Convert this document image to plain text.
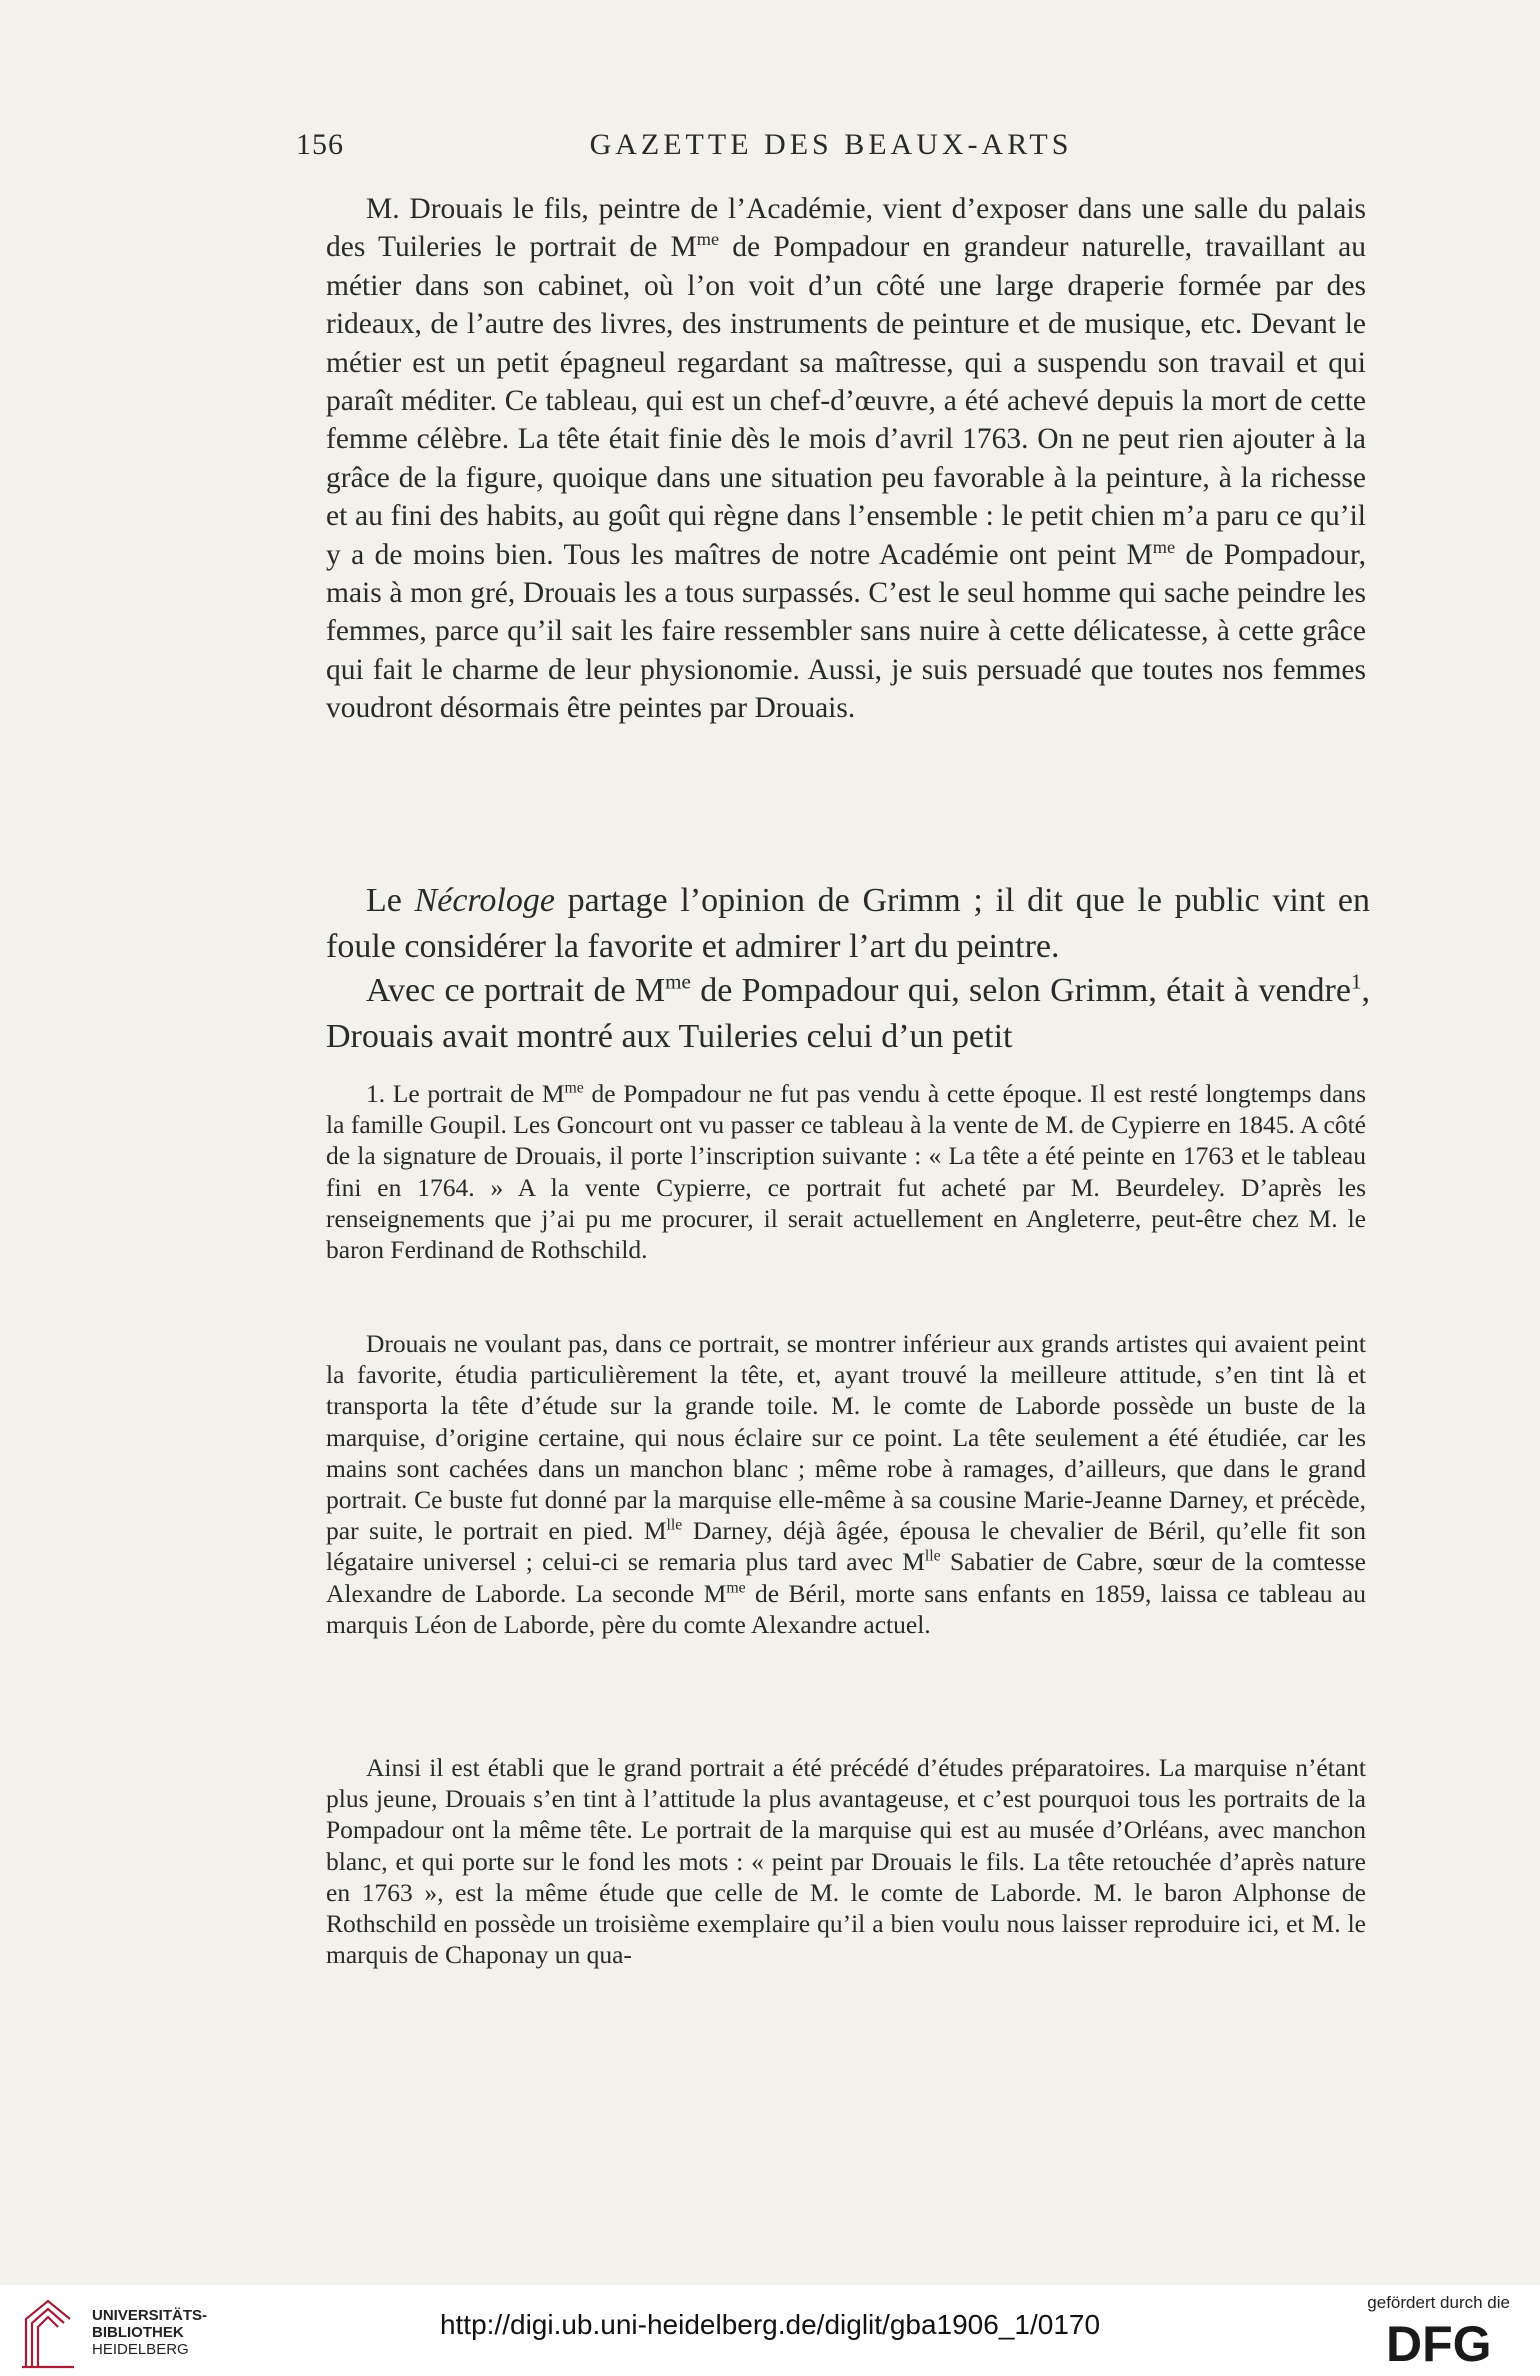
156	GAZETTE DES BEAUX-ARTS

M. Drouais le fils, peintre de l’Académie, vient d’exposer dans une salle du palais des Tuileries le portrait de $M^{me}$ de Pompadour en grandeur naturelle, travaillant au métier dans son cabinet, où l’on voit d’un côté une large draperie formée par des rideaux, de l’autre des livres, des instruments de peinture et de musique, etc. Devant le métier est un petit épagneul regardant sa maîtresse, qui a suspendu son travail et qui paraît méditer. Ce tableau, qui est un chef-d’œuvre, a été achevé depuis la mort de cette femme célèbre. La tête était finie dès le mois d’avril 1763. On ne peut rien ajouter à la grâce de la figure, quoique dans une situation peu favorable à la peinture, à la richesse et au fini des habits, au goût qui règne dans l’ensemble : le petit chien m’a paru ce qu’il y a de moins bien. Tous les maîtres de notre Académie ont peint $M^{me}$ de Pompadour, mais à mon gré, Drouais les a tous surpassés. C’est le seul homme qui sache peindre les femmes, parce qu’il sait les faire ressembler sans nuire à cette délicatesse, à cette grâce qui fait le charme de leur physionomie. Aussi, je suis persuadé que toutes nos femmes voudront désormais être peintes par Drouais.

Le Nécrologe partage l’opinion de Grimm ; il dit que le public vint en foule considérer la favorite et admirer l’art du peintre.

Avec ce portrait de $M^{me}$ de Pompadour qui, selon Grimm, était à vendre$^1$, Drouais avait montré aux Tuileries celui d’un petit

1. Le portrait de $M^{me}$ de Pompadour ne fut pas vendu à cette époque. Il est resté longtemps dans la famille Goupil. Les Goncourt ont vu passer ce tableau à la vente de M. de Cypierre en 1845. A côté de la signature de Drouais, il porte l’inscription suivante : « La tête a été peinte en 1763 et le tableau fini en 1764. » A la vente Cypierre, ce portrait fut acheté par M. Beurdeley. D’après les renseignements que j’ai pu me procurer, il serait actuellement en Angleterre, peut-être chez M. le baron Ferdinand de Rothschild.

Drouais ne voulant pas, dans ce portrait, se montrer inférieur aux grands artistes qui avaient peint la favorite, étudia particulièrement la tête, et, ayant trouvé la meilleure attitude, s’en tint là et transporta la tête d’étude sur la grande toile. M. le comte de Laborde possède un buste de la marquise, d’origine certaine, qui nous éclaire sur ce point. La tête seulement a été étudiée, car les mains sont cachées dans un manchon blanc ; même robe à ramages, d’ailleurs, que dans le grand portrait. Ce buste fut donné par la marquise elle-même à sa cousine Marie-Jeanne Darney, et précède, par suite, le portrait en pied. $M^{lle}$ Darney, déjà âgée, épousa le chevalier de Béril, qu’elle fit son légataire universel ; celui-ci se remaria plus tard avec $M^{lle}$ Sabatier de Cabre, sœur de la comtesse Alexandre de Laborde. La seconde $M^{me}$ de Béril, morte sans enfants en 1859, laissa ce tableau au marquis Léon de Laborde, père du comte Alexandre actuel.

Ainsi il est établi que le grand portrait a été précédé d’études préparatoires. La marquise n’étant plus jeune, Drouais s’en tint à l’attitude la plus avantageuse, et c’est pourquoi tous les portraits de la Pompadour ont la même tête. Le portrait de la marquise qui est au musée d’Orléans, avec manchon blanc, et qui porte sur le fond les mots : « peint par Drouais le fils. La tête retouchée d’après nature en 1763 », est la même étude que celle de M. le comte de Laborde. M. le baron Alphonse de Rothschild en possède un troisième exemplaire qu’il a bien voulu nous laisser reproduire ici, et M. le marquis de Chaponay un qua-

UNIVERSITÄTS-
BIBLIOTHEK
HEIDELBERG
http://digi.ub.uni-heidelberg.de/diglit/gba1906_1/0170
gefördert durch die
DFG
